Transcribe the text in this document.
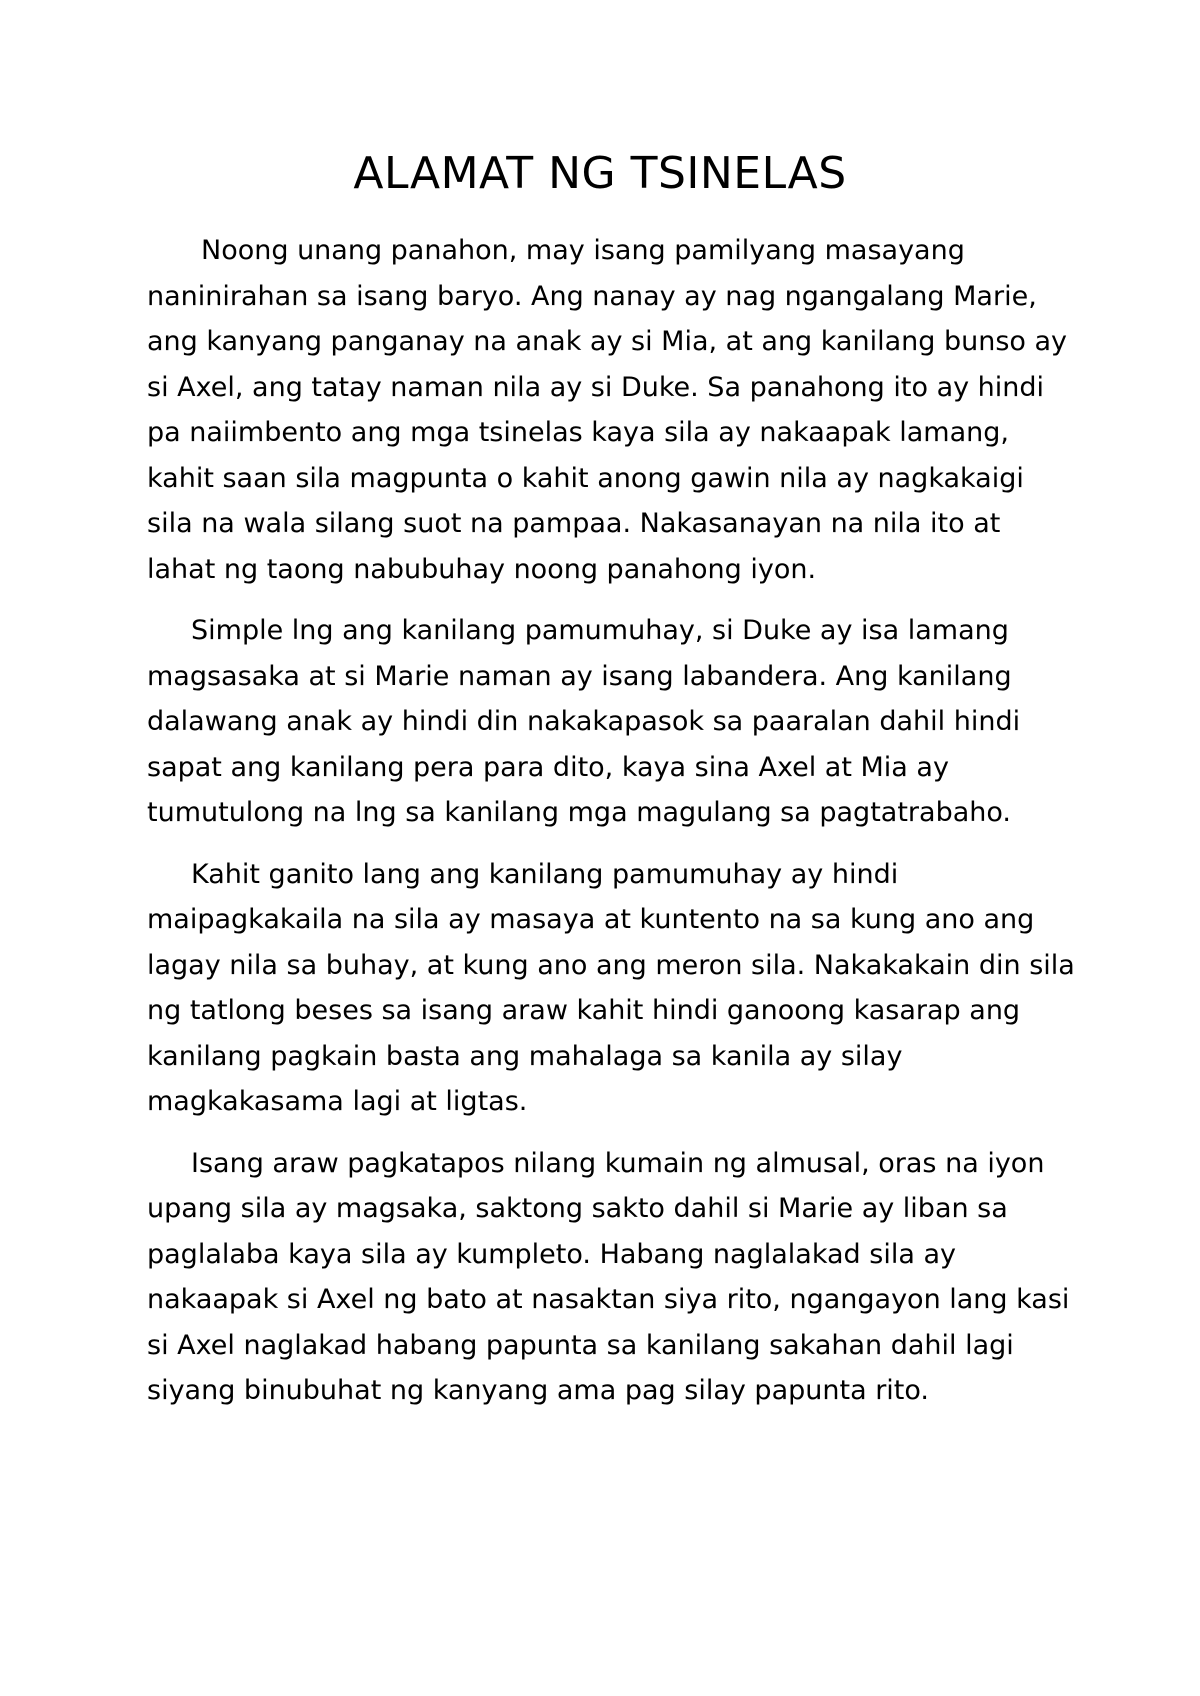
ALAMAT NG TSINELAS

Noong unang panahon, may isang pamilyang masayang naninirahan sa isang baryo. Ang nanay ay nag ngangalang Marie, ang kanyang panganay na anak ay si Mia, at ang kanilang bunso ay si Axel, ang tatay naman nila ay si Duke. Sa panahong ito ay hindi pa naiimbento ang mga tsinelas kaya sila ay nakaapak lamang, kahit saan sila magpunta o kahit anong gawin nila ay nagkakaigi sila na wala silang suot na pampaa. Nakasanayan na nila ito at lahat ng taong nabubuhay noong panahong iyon.

Simple lng ang kanilang pamumuhay, si Duke ay isa lamang magsasaka at si Marie naman ay isang labandera. Ang kanilang dalawang anak ay hindi din nakakapasok sa paaralan dahil hindi sapat ang kanilang pera para dito, kaya sina Axel at Mia ay tumutulong na lng sa kanilang mga magulang sa pagtatrabaho.

Kahit ganito lang ang kanilang pamumuhay ay hindi maipagkakaila na sila ay masaya at kuntento na sa kung ano ang lagay nila sa buhay, at kung ano ang meron sila. Nakakakain din sila ng tatlong beses sa isang araw kahit hindi ganoong kasarap ang kanilang pagkain basta ang mahalaga sa kanila ay silay magkakasama lagi at ligtas.

Isang araw pagkatapos nilang kumain ng almusal, oras na iyon upang sila ay magsaka, saktong sakto dahil si Marie ay liban sa paglalaba kaya sila ay kumpleto. Habang naglalakad sila ay nakaapak si Axel ng bato at nasaktan siya rito, ngangayon lang kasi si Axel naglakad habang papunta sa kanilang sakahan dahil lagi siyang binubuhat ng kanyang ama pag silay papunta rito.
